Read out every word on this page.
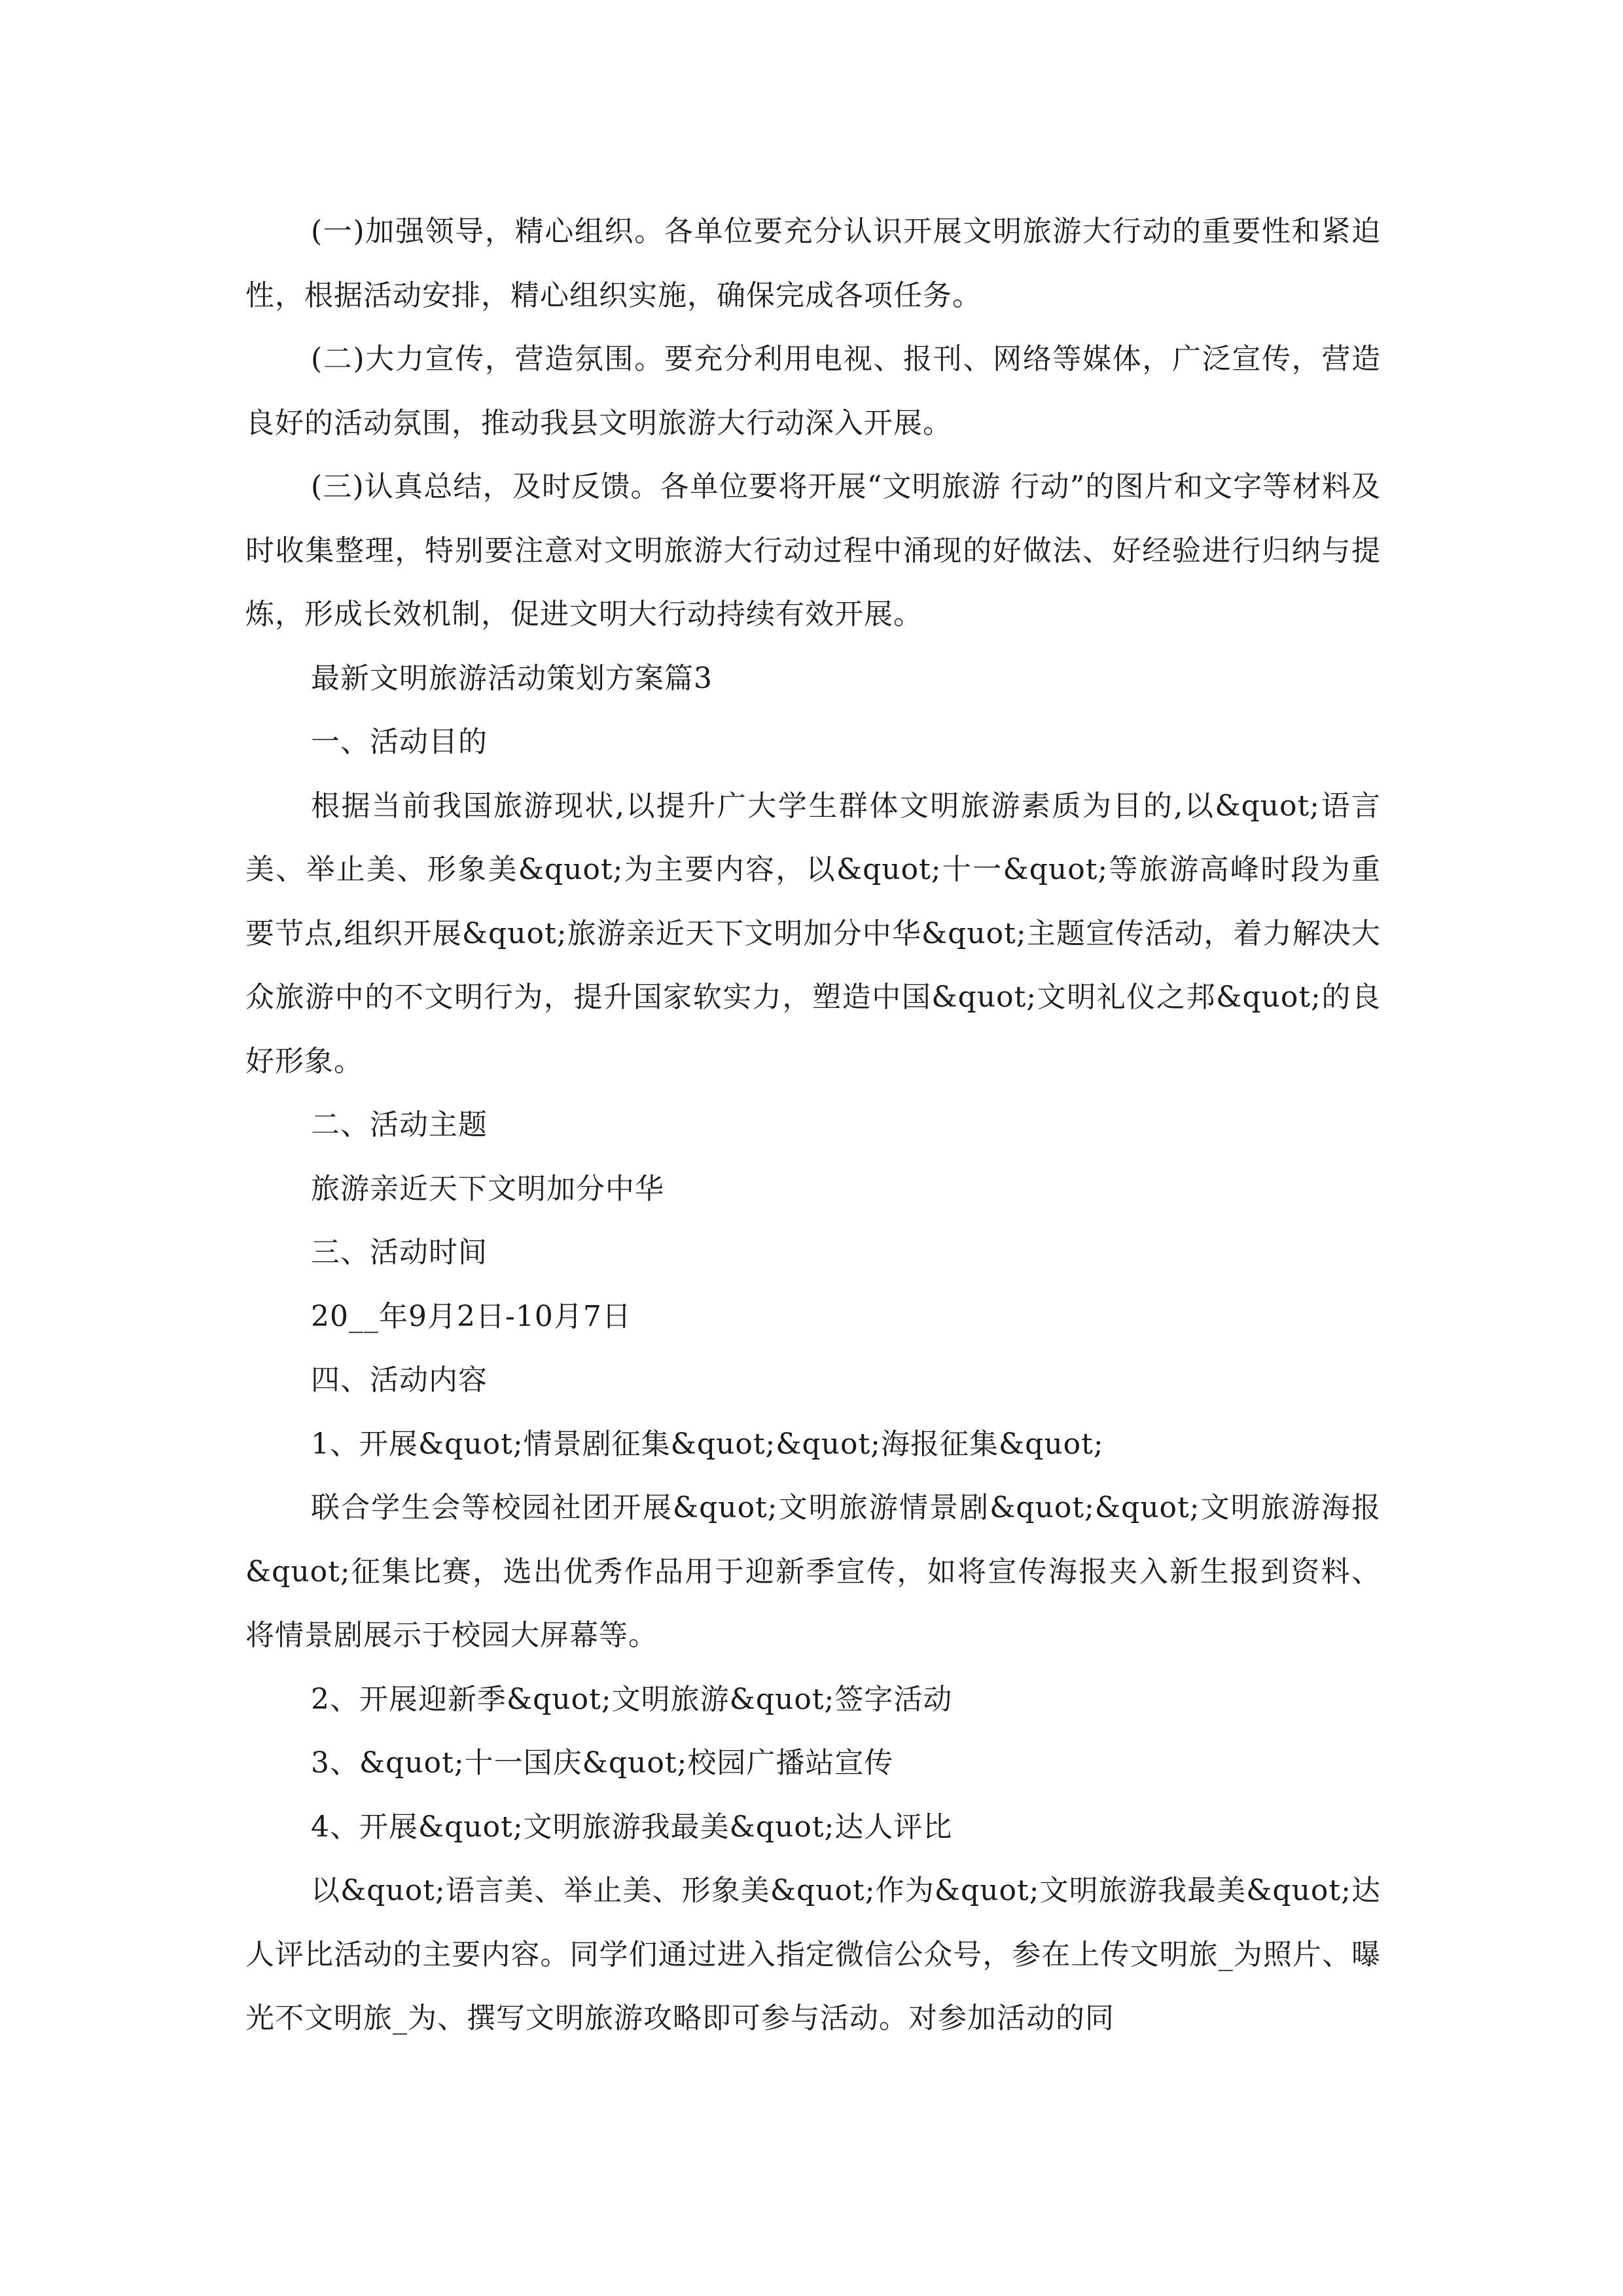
(一)加强领导，精心组织。各单位要充分认识开展文明旅游大行动的重要性和紧迫性，根据活动安排，精心组织实施，确保完成各项任务。

(二)大力宣传，营造氛围。要充分利用电视、报刊、网络等媒体，广泛宣传，营造良好的活动氛围，推动我县文明旅游大行动深入开展。

(三)认真总结，及时反馈。各单位要将开展“文明旅游 行动”的图片和文字等材料及时收集整理，特别要注意对文明旅游大行动过程中涌现的好做法、好经验进行归纳与提炼，形成长效机制，促进文明大行动持续有效开展。

最新文明旅游活动策划方案篇3

一、活动目的

根据当前我国旅游现状,以提升广大学生群体文明旅游素质为目的,以&quot;语言美、举止美、形象美&quot;为主要内容，以&quot;十一&quot;等旅游高峰时段为重要节点,组织开展&quot;旅游亲近天下文明加分中华&quot;主题宣传活动，着力解决大众旅游中的不文明行为，提升国家软实力，塑造中国&quot;文明礼仪之邦&quot;的良好形象。

二、活动主题

旅游亲近天下文明加分中华

三、活动时间

20__年9月2日-10月7日

四、活动内容

1、开展&quot;情景剧征集&quot;&quot;海报征集&quot;

联合学生会等校园社团开展&quot;文明旅游情景剧&quot;&quot;文明旅游海报&quot;征集比赛，选出优秀作品用于迎新季宣传，如将宣传海报夹入新生报到资料、将情景剧展示于校园大屏幕等。

2、开展迎新季&quot;文明旅游&quot;签字活动

3、&quot;十一国庆&quot;校园广播站宣传

4、开展&quot;文明旅游我最美&quot;达人评比

以&quot;语言美、举止美、形象美&quot;作为&quot;文明旅游我最美&quot;达人评比活动的主要内容。同学们通过进入指定微信公众号，参在上传文明旅_为照片、曝光不文明旅_为、撰写文明旅游攻略即可参与活动。对参加活动的同
